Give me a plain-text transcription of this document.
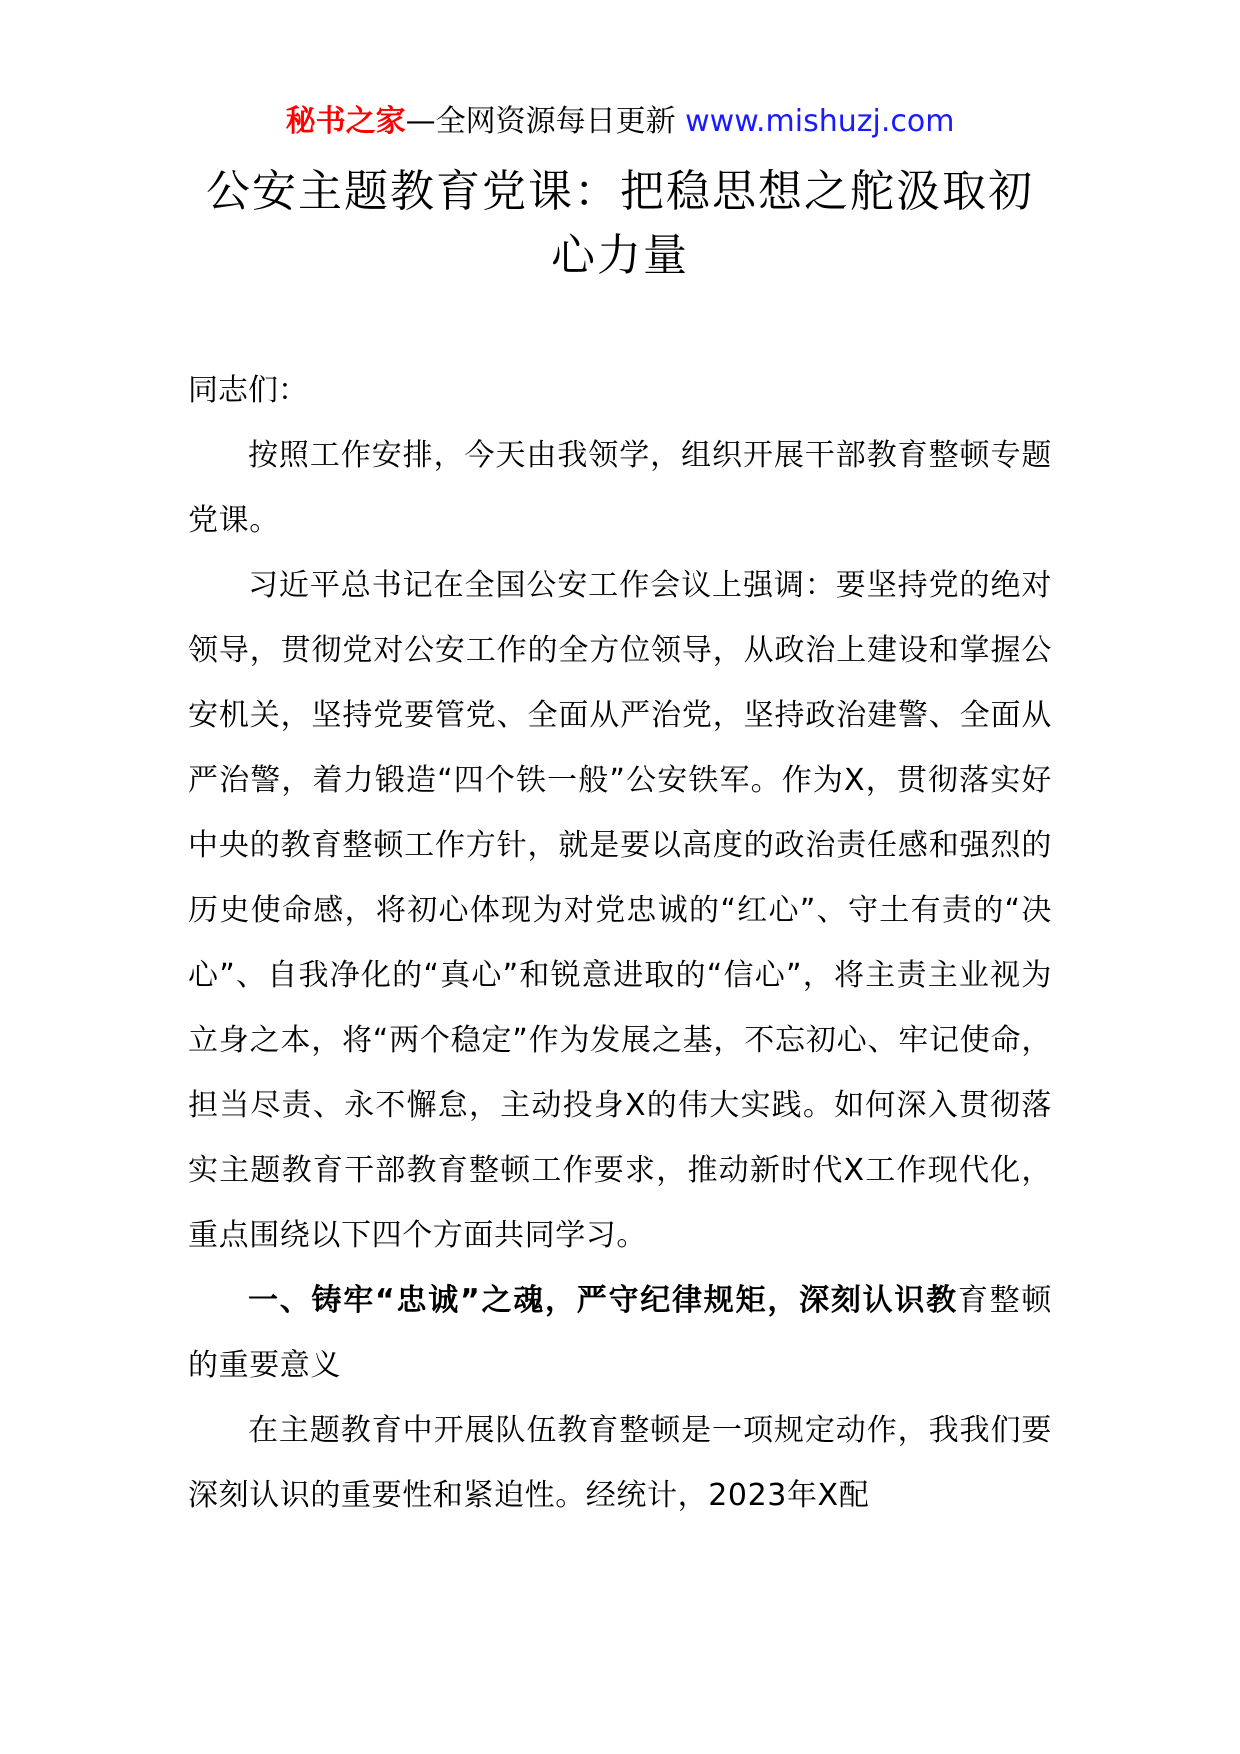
秘书之家—全网资源每日更新 www.mishuzj.com
公安主题教育党课：把稳思想之舵汲取初心力量

同志们：

按照工作安排，今天由我领学，组织开展干部教育整顿专题党课。

习近平总书记在全国公安工作会议上强调：要坚持党的绝对领导，贯彻党对公安工作的全方位领导，从政治上建设和掌握公安机关，坚持党要管党、全面从严治党，坚持政治建警、全面从严治警，着力锻造“四个铁一般”公安铁军。作为X，贯彻落实好中央的教育整顿工作方针，就是要以高度的政治责任感和强烈的历史使命感，将初心体现为对党忠诚的“红心”、守土有责的“决心”、自我净化的“真心”和锐意进取的“信心”，将主责主业视为立身之本，将“两个稳定”作为发展之基，不忘初心、牢记使命，担当尽责、永不懈怠，主动投身X的伟大实践。如何深入贯彻落实主题教育干部教育整顿工作要求，推动新时代X工作现代化，重点围绕以下四个方面共同学习。

一、铸牢“忠诚”之魂，严守纪律规矩，深刻认识教育整顿的重要意义

在主题教育中开展队伍教育整顿是一项规定动作，我我们要深刻认识的重要性和紧迫性。经统计，2023年X配
